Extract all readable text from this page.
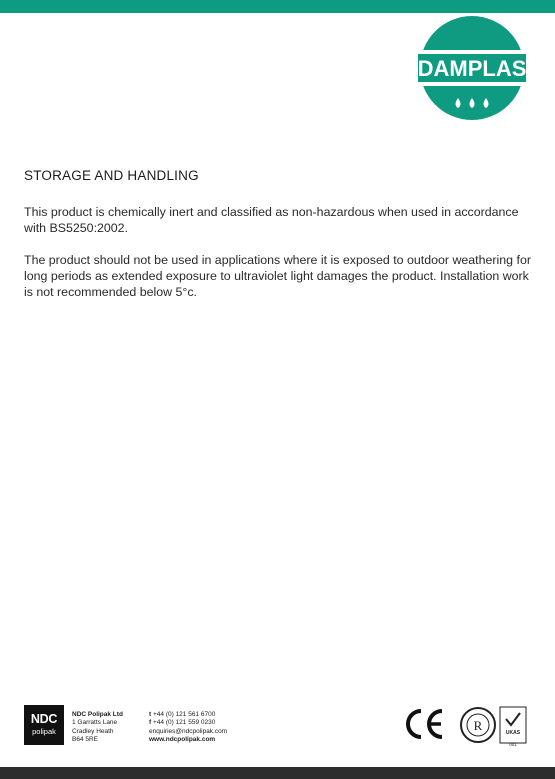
DAMPLAS
STORAGE AND HANDLING
This product is chemically inert and classified as non-hazardous when used in accordance with BS5250:2002.
The product should not be used in applications where it is exposed to outdoor weathering for long periods as extended exposure to ultraviolet light damages the product. Installation work is not recommended below 5°c.
NDC
polipak
NDC Polipak Ltd
1 Garratts Lane
Cradley Heath
B64 5RE
t +44 (0) 121 561 6700
f +44 (0) 121 559 0230
enquiries@ndcpolipak.com
www.ndcpolipak.com
R	UKAS
001
